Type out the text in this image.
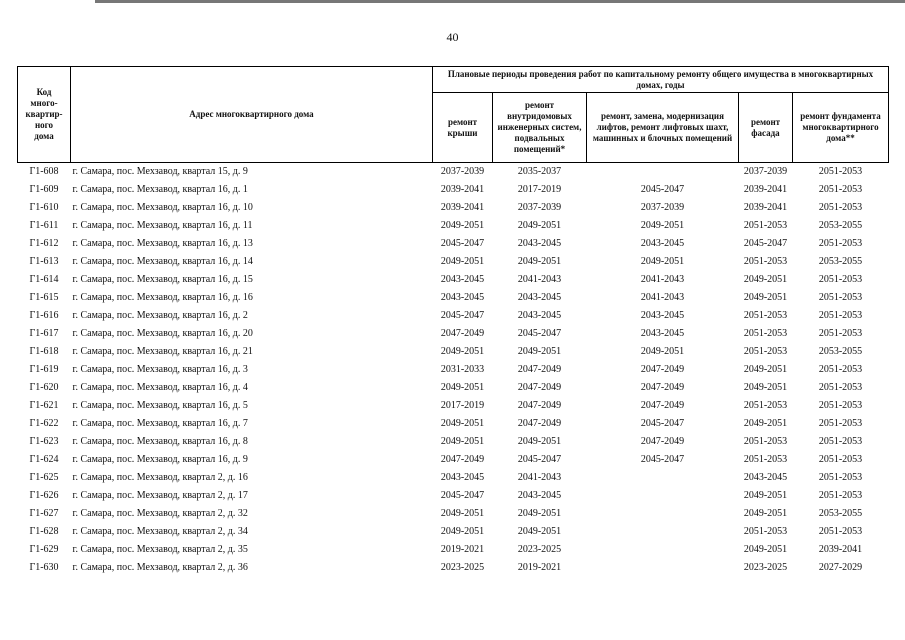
40
Код
много-
квартир-
ного
дома	Адрес многоквартирного дома	Плановые периоды проведения работ по капитальному ремонту общего имущества в многоквартирных домах, годы				
		ремонт крыши	ремонт внутридомовых инженерных систем, подвальных помещений*	ремонт, замена, модернизация лифтов, ремонт лифтовых шахт, машинных и блочных помещений	ремонт фасада	ремонт фундамента многоквартирного дома**
Г1-608	г. Самара, пос. Мехзавод, квартал 15, д. 9	2037-2039	2035-2037		2037-2039	2051-2053
Г1-609	г. Самара, пос. Мехзавод, квартал 16, д. 1	2039-2041	2017-2019	2045-2047	2039-2041	2051-2053
Г1-610	г. Самара, пос. Мехзавод, квартал 16, д. 10	2039-2041	2037-2039	2037-2039	2039-2041	2051-2053
Г1-611	г. Самара, пос. Мехзавод, квартал 16, д. 11	2049-2051	2049-2051	2049-2051	2051-2053	2053-2055
Г1-612	г. Самара, пос. Мехзавод, квартал 16, д. 13	2045-2047	2043-2045	2043-2045	2045-2047	2051-2053
Г1-613	г. Самара, пос. Мехзавод, квартал 16, д. 14	2049-2051	2049-2051	2049-2051	2051-2053	2053-2055
Г1-614	г. Самара, пос. Мехзавод, квартал 16, д. 15	2043-2045	2041-2043	2041-2043	2049-2051	2051-2053
Г1-615	г. Самара, пос. Мехзавод, квартал 16, д. 16	2043-2045	2043-2045	2041-2043	2049-2051	2051-2053
Г1-616	г. Самара, пос. Мехзавод, квартал 16, д. 2	2045-2047	2043-2045	2043-2045	2051-2053	2051-2053
Г1-617	г. Самара, пос. Мехзавод, квартал 16, д. 20	2047-2049	2045-2047	2043-2045	2051-2053	2051-2053
Г1-618	г. Самара, пос. Мехзавод, квартал 16, д. 21	2049-2051	2049-2051	2049-2051	2051-2053	2053-2055
Г1-619	г. Самара, пос. Мехзавод, квартал 16, д. 3	2031-2033	2047-2049	2047-2049	2049-2051	2051-2053
Г1-620	г. Самара, пос. Мехзавод, квартал 16, д. 4	2049-2051	2047-2049	2047-2049	2049-2051	2051-2053
Г1-621	г. Самара, пос. Мехзавод, квартал 16, д. 5	2017-2019	2047-2049	2047-2049	2051-2053	2051-2053
Г1-622	г. Самара, пос. Мехзавод, квартал 16, д. 7	2049-2051	2047-2049	2045-2047	2049-2051	2051-2053
Г1-623	г. Самара, пос. Мехзавод, квартал 16, д. 8	2049-2051	2049-2051	2047-2049	2051-2053	2051-2053
Г1-624	г. Самара, пос. Мехзавод, квартал 16, д. 9	2047-2049	2045-2047	2045-2047	2051-2053	2051-2053
Г1-625	г. Самара, пос. Мехзавод, квартал 2, д. 16	2043-2045	2041-2043		2043-2045	2051-2053
Г1-626	г. Самара, пос. Мехзавод, квартал 2, д. 17	2045-2047	2043-2045		2049-2051	2051-2053
Г1-627	г. Самара, пос. Мехзавод, квартал 2, д. 32	2049-2051	2049-2051		2049-2051	2053-2055
Г1-628	г. Самара, пос. Мехзавод, квартал 2, д. 34	2049-2051	2049-2051		2051-2053	2051-2053
Г1-629	г. Самара, пос. Мехзавод, квартал 2, д. 35	2019-2021	2023-2025		2049-2051	2039-2041
Г1-630	г. Самара, пос. Мехзавод, квартал 2, д. 36	2023-2025	2019-2021		2023-2025	2027-2029
